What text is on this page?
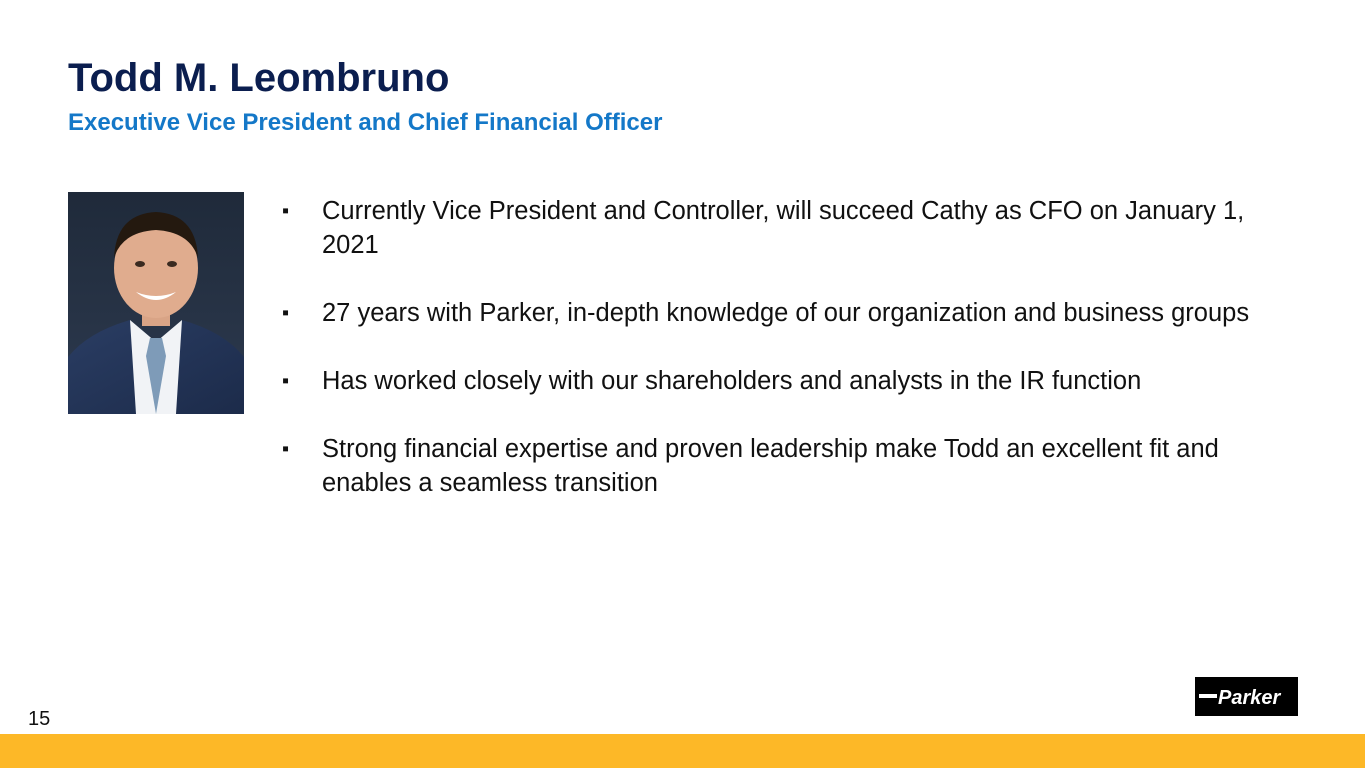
Todd M. Leombruno
Executive Vice President and Chief Financial Officer
▪ Currently Vice President and Controller, will succeed Cathy as CFO on January 1, 2021
▪ 27 years with Parker, in-depth knowledge of our organization and business groups
▪ Has worked closely with our shareholders and analysts in the IR function
▪ Strong financial expertise and proven leadership make Todd an excellent fit and enables a seamless transition
15
Parker
